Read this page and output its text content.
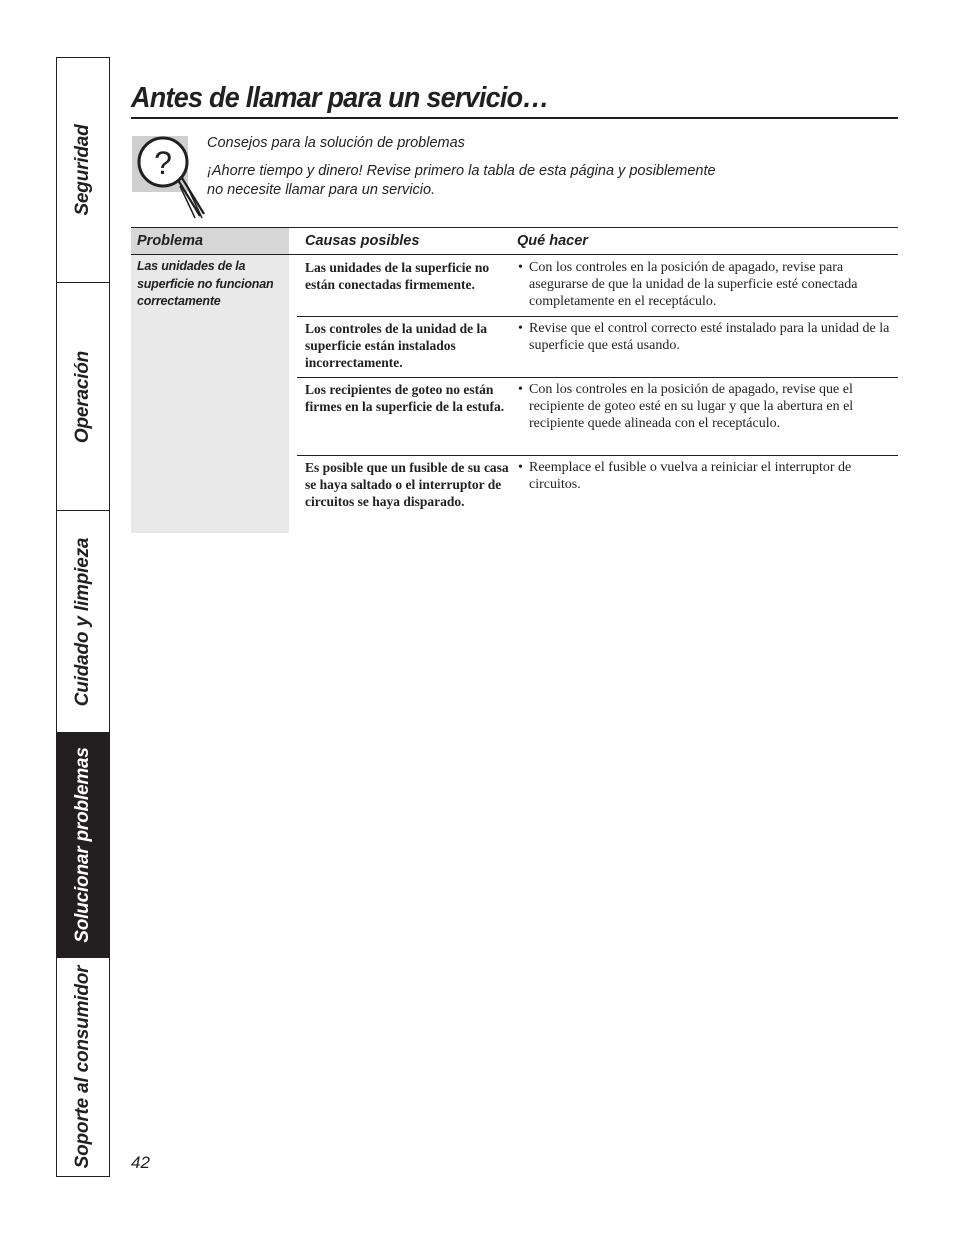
Seguridad
Operación
Cuidado y limpieza
Solucionar problemas
Soporte al consumidor
Antes de llamar para un servicio…
?

Consejos para la solución de problemas

¡Ahorre tiempo y dinero! Revise primero la tabla de esta página y posiblemente no necesite llamar para un servicio.

Problema	Causas posibles	Qué hacer
Las unidades de la superficie no funcionan correctamente
Las unidades de la superficie no están conectadas firmemente.
• Con los controles en la posición de apagado, revise para asegurarse de que la unidad de la superficie esté conectada completamente en el receptáculo.
Los controles de la unidad de la superficie están instalados incorrectamente.
• Revise que el control correcto esté instalado para la unidad de la superficie que está usando.
Los recipientes de goteo no están firmes en la superficie de la estufa.
• Con los controles en la posición de apagado, revise que el recipiente de goteo esté en su lugar y que la abertura en el recipiente quede alineada con el receptáculo.
Es posible que un fusible de su casa se haya saltado o el interruptor de circuitos se haya disparado.
• Reemplace el fusible o vuelva a reiniciar el interruptor de circuitos.
42
